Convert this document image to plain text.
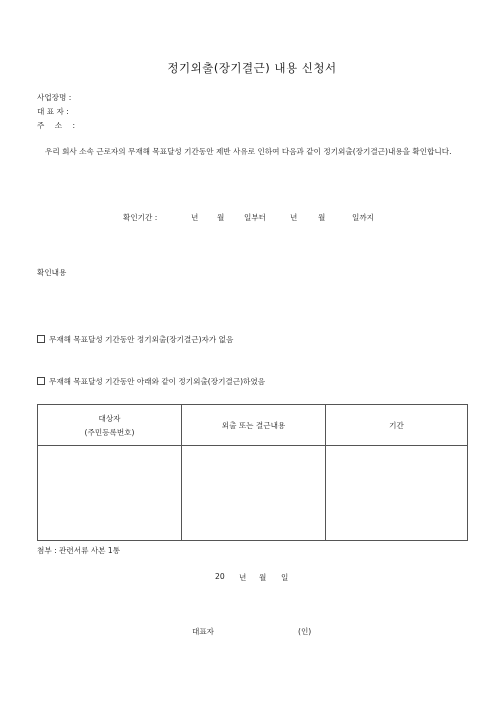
정기외출(장기결근) 내용 신청서
사업장명 :
대 표 자 :
주 소 :
우리 회사 소속 근로자의 무재해 목표달성 기간동안 제반 사유로 인하여 다음과 같이 정기외출(장기결근)내용을 확인합니다.
확인기간 :	년 월	일부터	년	월	일까지
확인내용
무재해 목표달성 기간동안 정기외출(장기결근)자가 없음
무재해 목표달성 기간동안 아래와 같이 정기외출(장기결근)하였음
대상자
(주민등록번호)	외출 또는 결근내용	기간

첨부 : 관련서류 사본 1통
20 년 월 일
대표자	(인)
